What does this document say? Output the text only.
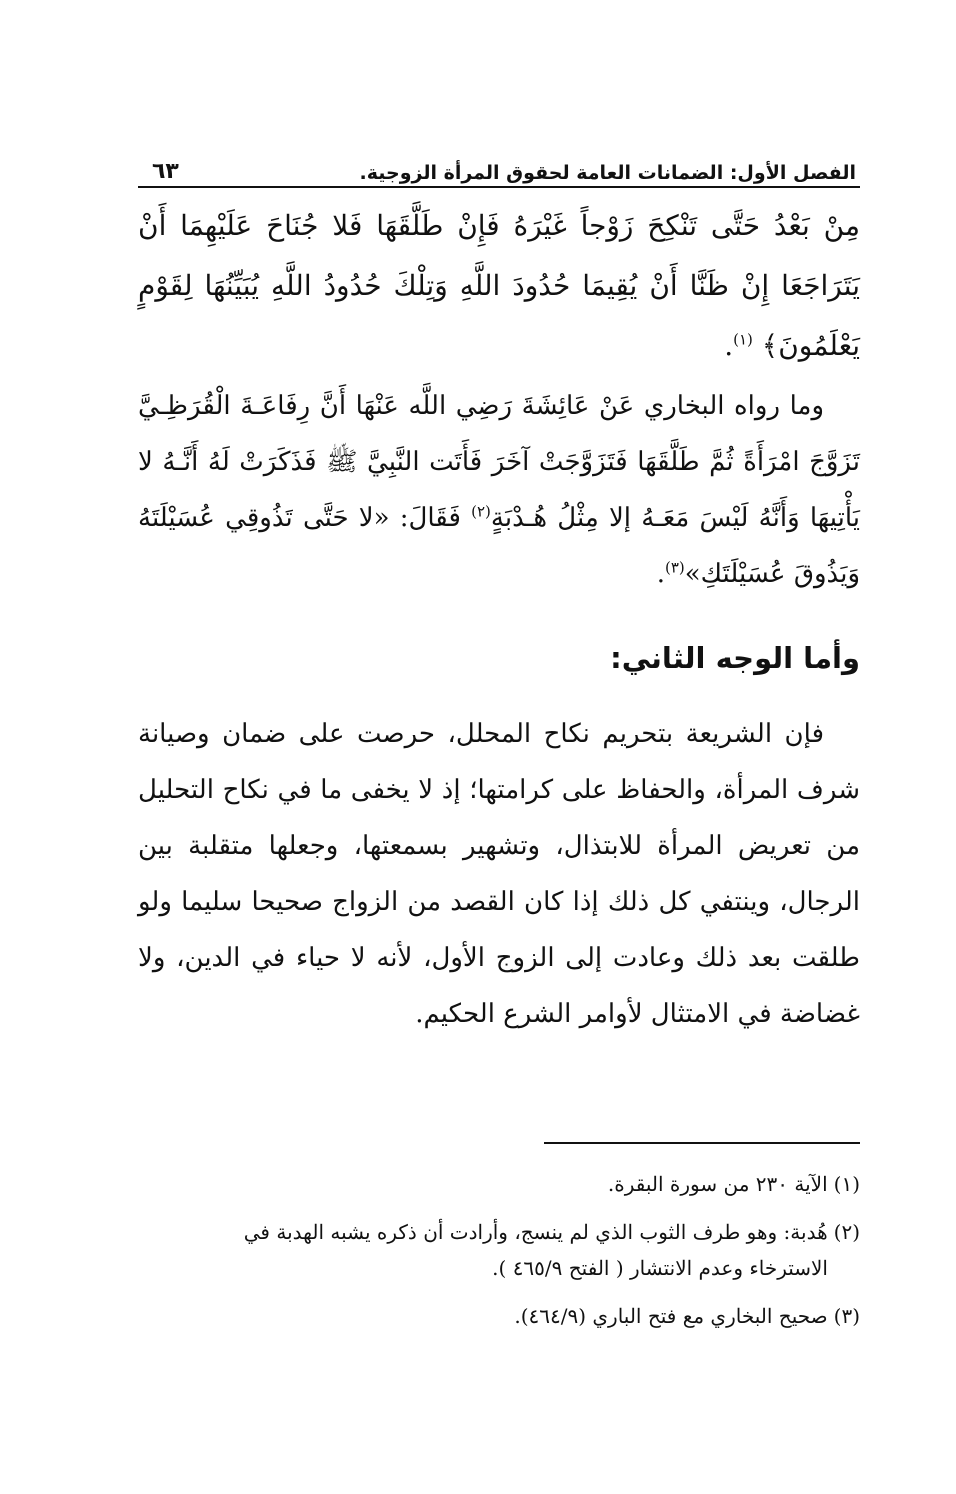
الفصل الأول: الضمانات العامة لحقوق المرأة الزوجية.
٦٣
مِنْ بَعْدُ حَتَّى تَنْكِحَ زَوْجاً غَيْرَهُ فَإِنْ طَلَّقَهَا فَلا جُنَاحَ عَلَيْهِمَا أَنْ يَتَرَاجَعَا إِنْ ظَنَّا أَنْ يُقِيمَا حُدُودَ اللَّهِ وَتِلْكَ حُدُودُ اللَّهِ يُبَيِّنُهَا لِقَوْمٍ يَعْلَمُونَ﴾ $^{(١)}$.
وما رواه البخاري عَنْ عَائِشَةَ رَضِي اللَّه عَنْهَا أَنَّ رِفَاعَـةَ الْقُرَظِـيَّ تَزَوَّجَ امْرَأَةً ثُمَّ طَلَّقَهَا فَتَزَوَّجَتْ آخَرَ فَأَتَت النَّبِيَّ ﷺ فَذَكَرَتْ لَهُ أَنَّـهُ لا يَأْتِيهَا وَأَنَّهُ لَيْسَ مَعَـهُ إلا مِثْلُ هُـدْبَةٍ$^{(٢)}$ فَقَالَ: «لا حَتَّى تَذُوقِي عُسَيْلَتَهُ وَيَذُوقَ عُسَيْلَتَكِ»$^{(٣)}$.
وأما الوجه الثاني:
فإن الشريعة بتحريم نكاح المحلل، حرصت على ضمان وصيانة شرف المرأة، والحفاظ على كرامتها؛ إذ لا يخفى ما في نكاح التحليل من تعريض المرأة للابتذال، وتشهير بسمعتها، وجعلها متقلبة بين الرجال، وينتفي كل ذلك إذا كان القصد من الزواج صحيحا سليما ولو طلقت بعد ذلك وعادت إلى الزوج الأول، لأنه لا حياء في الدين، ولا غضاضة في الامتثال لأوامر الشرع الحكيم.
(١)الآية ٢٣٠ من سورة البقرة.
(٢)هُدبة: وهو طرف الثوب الذي لم ينسج، وأرادت أن ذكره يشبه الهدبة في
الاسترخاء وعدم الانتشار ( الفتح ٤٦٥/٩ ).
(٣)صحيح البخاري مع فتح الباري (٤٦٤/٩).
